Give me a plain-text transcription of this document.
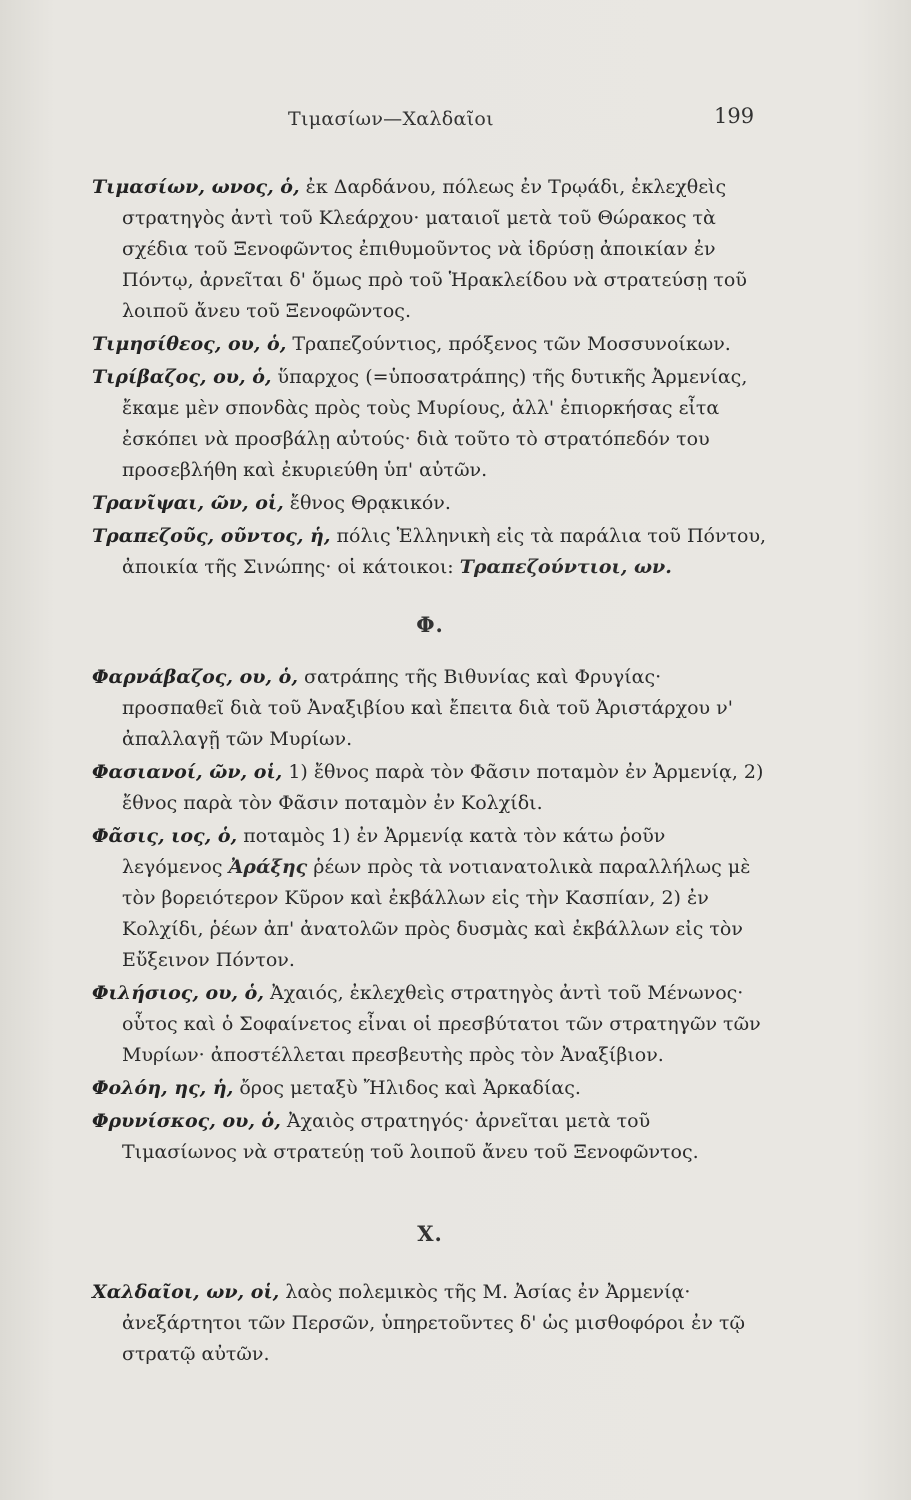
Τιμασίων—Χαλδαῖοι	199

Τιμασίων, ωνος, ὁ, ἐκ Δαρδάνου, πόλεως ἐν Τρῳάδι, ἐκλεχθεὶς στρατηγὸς ἀντὶ τοῦ Κλεάρχου· ματαιοῖ μετὰ τοῦ Θώρακος τὰ σχέδια τοῦ Ξενοφῶντος ἐπιθυμοῦντος νὰ ἱδρύσῃ ἀποικίαν ἐν Πόντῳ, ἀρνεῖται δ' ὅμως πρὸ τοῦ Ἡρακλείδου νὰ στρατεύσῃ τοῦ λοιποῦ ἄνευ τοῦ Ξενοφῶντος.

Τιμησίθεος, ου, ὁ, Τραπεζούντιος, πρόξενος τῶν Μοσσυνοίκων.

Τιρίβαζος, ου, ὁ, ὕπαρχος (=ὑποσατράπης) τῆς δυτικῆς Ἀρμενίας, ἔκαμε μὲν σπονδὰς πρὸς τοὺς Μυρίους, ἀλλ' ἐπιορκήσας εἶτα ἐσκόπει νὰ προσβάλῃ αὐτούς· διὰ τοῦτο τὸ στρατόπεδόν του προσεβλήθη καὶ ἐκυριεύθη ὑπ' αὐτῶν.

Τρανῖψαι, ῶν, οἱ, ἔθνος Θρᾳκικόν.

Τραπεζοῦς, οῦντος, ἡ, πόλις Ἑλληνικὴ εἰς τὰ παράλια τοῦ Πόντου, ἀποικία τῆς Σινώπης· οἱ κάτοικοι: Τραπεζούντιοι, ων.

Φ.

Φαρνάβαζος, ου, ὁ, σατράπης τῆς Βιθυνίας καὶ Φρυγίας· προσπαθεῖ διὰ τοῦ Ἀναξιβίου καὶ ἔπειτα διὰ τοῦ Ἀριστάρχου ν' ἀπαλλαγῇ τῶν Μυρίων.

Φασιανοί, ῶν, οἱ, 1) ἔθνος παρὰ τὸν Φᾶσιν ποταμὸν ἐν Ἀρμενίᾳ, 2) ἔθνος παρὰ τὸν Φᾶσιν ποταμὸν ἐν Κολχίδι.

Φᾶσις, ιος, ὁ, ποταμὸς 1) ἐν Ἀρμενίᾳ κατὰ τὸν κάτω ῥοῦν λεγόμενος Ἀράξης ῥέων πρὸς τὰ νοτιανατολικὰ παραλλήλως μὲ τὸν βορειότερον Κῦρον καὶ ἐκβάλλων εἰς τὴν Κασπίαν, 2) ἐν Κολχίδι, ῥέων ἀπ' ἀνατολῶν πρὸς δυσμὰς καὶ ἐκβάλλων εἰς τὸν Εὔξεινον Πόντον.

Φιλήσιος, ου, ὁ, Ἀχαιός, ἐκλεχθεὶς στρατηγὸς ἀντὶ τοῦ Μένωνος· οὗτος καὶ ὁ Σοφαίνετος εἶναι οἱ πρεσβύτατοι τῶν στρατηγῶν τῶν Μυρίων· ἀποστέλλεται πρεσβευτὴς πρὸς τὸν Ἀναξίβιον.

Φολόη, ης, ἡ, ὄρος μεταξὺ Ἤλιδος καὶ Ἀρκαδίας.

Φρυνίσκος, ου, ὁ, Ἀχαιὸς στρατηγός· ἀρνεῖται μετὰ τοῦ Τιμασίωνος νὰ στρατεύῃ τοῦ λοιποῦ ἄνευ τοῦ Ξενοφῶντος.

Χ.

Χαλδαῖοι, ων, οἱ, λαὸς πολεμικὸς τῆς Μ. Ἀσίας ἐν Ἀρμενίᾳ· ἀνεξάρτητοι τῶν Περσῶν, ὑπηρετοῦντες δ' ὡς μισθοφόροι ἐν τῷ στρατῷ αὐτῶν.
